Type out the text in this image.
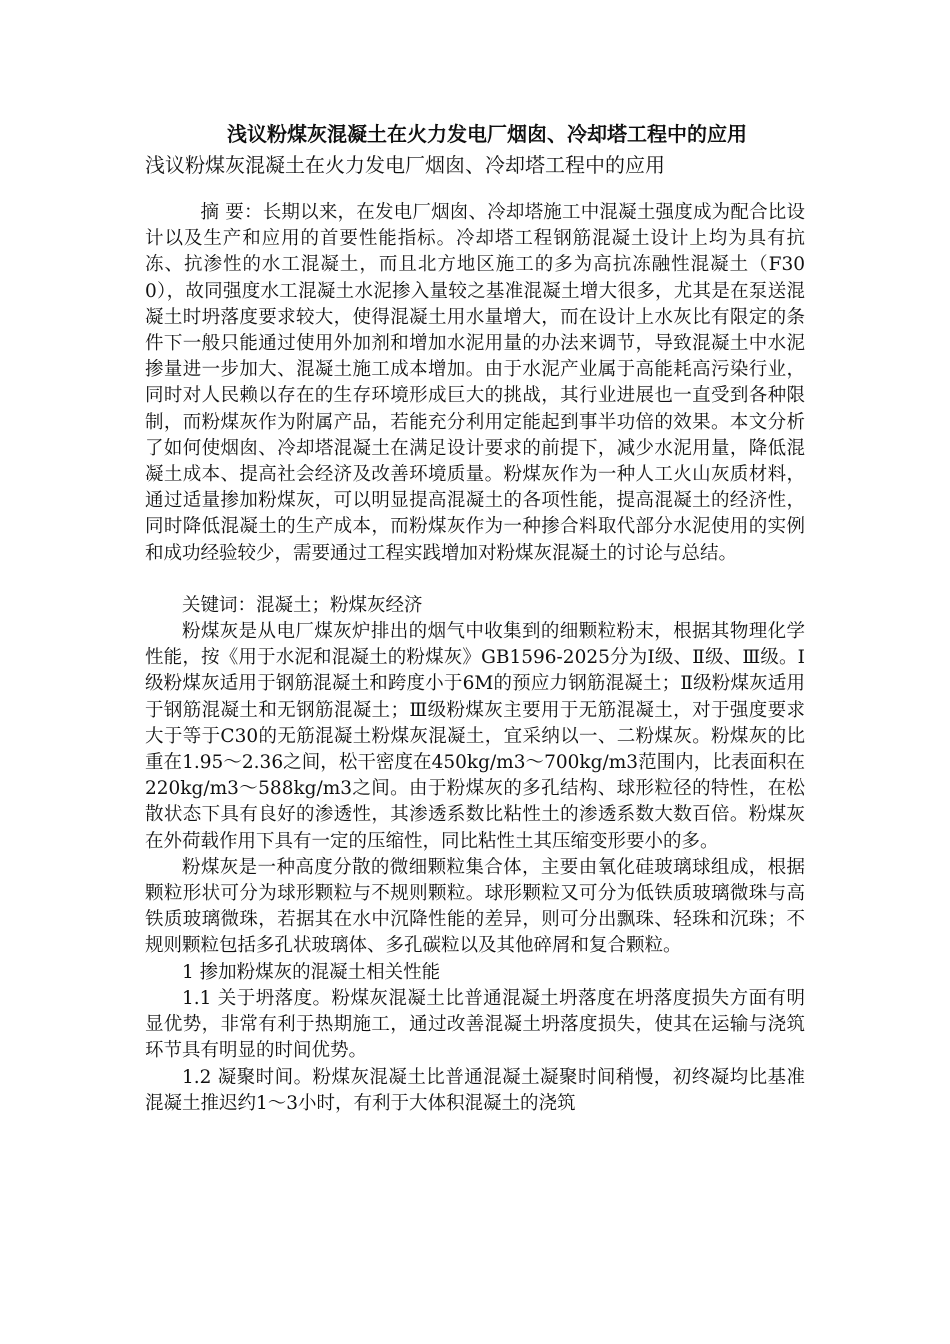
浅议粉煤灰混凝土在火力发电厂烟囱、冷却塔工程中的应用

浅议粉煤灰混凝土在火力发电厂烟囱、冷却塔工程中的应用

摘 要：长期以来，在发电厂烟囱、冷却塔施工中混凝土强度成为配合比设计以及生产和应用的首要性能指标。冷却塔工程钢筋混凝土设计上均为具有抗冻、抗渗性的水工混凝土，而且北方地区施工的多为高抗冻融性混凝土（F300），故同强度水工混凝土水泥掺入量较之基准混凝土增大很多，尤其是在泵送混凝土时坍落度要求较大，使得混凝土用水量增大，而在设计上水灰比有限定的条件下一般只能通过使用外加剂和增加水泥用量的办法来调节，导致混凝土中水泥掺量进一步加大、混凝土施工成本增加。由于水泥产业属于高能耗高污染行业，同时对人民赖以存在的生存环境形成巨大的挑战，其行业进展也一直受到各种限制，而粉煤灰作为附属产品，若能充分利用定能起到事半功倍的效果。本文分析了如何使烟囱、冷却塔混凝土在满足设计要求的前提下，减少水泥用量，降低混凝土成本、提高社会经济及改善环境质量。粉煤灰作为一种人工火山灰质材料，通过适量掺加粉煤灰，可以明显提高混凝土的各项性能，提高混凝土的经济性，同时降低混凝土的生产成本，而粉煤灰作为一种掺合料取代部分水泥使用的实例和成功经验较少，需要通过工程实践增加对粉煤灰混凝土的讨论与总结。

关键词：混凝土；粉煤灰经济

粉煤灰是从电厂煤灰炉排出的烟气中收集到的细颗粒粉末，根据其物理化学性能，按《用于水泥和混凝土的粉煤灰》GB1596-2025分为Ⅰ级、Ⅱ级、Ⅲ级。Ⅰ级粉煤灰适用于钢筋混凝土和跨度小于6M的预应力钢筋混凝土；Ⅱ级粉煤灰适用于钢筋混凝土和无钢筋混凝土；Ⅲ级粉煤灰主要用于无筋混凝土，对于强度要求大于等于C30的无筋混凝土粉煤灰混凝土，宜采纳以一、二粉煤灰。粉煤灰的比重在1.95～2.36之间，松干密度在450kg/m3～700kg/m3范围内，比表面积在220kg/m3～588kg/m3之间。由于粉煤灰的多孔结构、球形粒径的特性，在松散状态下具有良好的渗透性，其渗透系数比粘性土的渗透系数大数百倍。粉煤灰在外荷载作用下具有一定的压缩性，同比粘性土其压缩变形要小的多。

粉煤灰是一种高度分散的微细颗粒集合体，主要由氧化硅玻璃球组成，根据颗粒形状可分为球形颗粒与不规则颗粒。球形颗粒又可分为低铁质玻璃微珠与高铁质玻璃微珠，若据其在水中沉降性能的差异，则可分出飘珠、轻珠和沉珠；不规则颗粒包括多孔状玻璃体、多孔碳粒以及其他碎屑和复合颗粒。

1 掺加粉煤灰的混凝土相关性能

1.1 关于坍落度。粉煤灰混凝土比普通混凝土坍落度在坍落度损失方面有明显优势，非常有利于热期施工，通过改善混凝土坍落度损失，使其在运输与浇筑环节具有明显的时间优势。

1.2 凝聚时间。粉煤灰混凝土比普通混凝土凝聚时间稍慢，初终凝均比基准混凝土推迟约1～3小时，有利于大体积混凝土的浇筑
